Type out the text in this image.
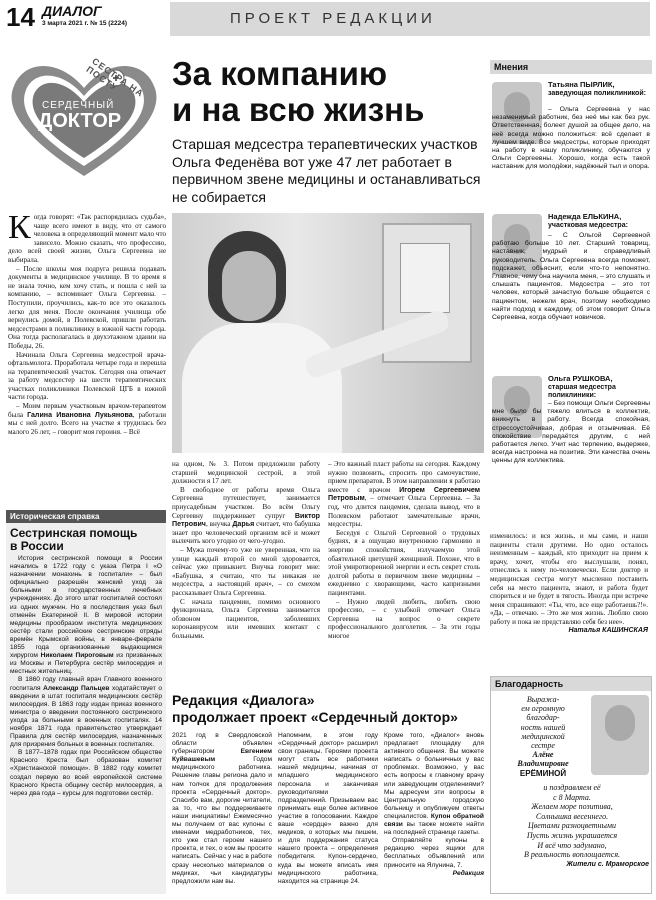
14 ДИАЛОГ
3 марта 2021 г. № 15 (2224)	ПРОЕКТ РЕДАКЦИИ
СЕСТРА НА ПОСТУ
СЕРДЕЧНЫЙ
ДОКТОР
За компанию
и на всю жизнь
Старшая медсестра терапевтических участков Ольга Феденёва вот уже 47 лет работает в первичном звене медицины и останавливаться не собирается
К огда говорят: «Так распорядилась судьба», чаще всего имеют в виду, что от самого человека в определяющий момент мало что зависело. Можно сказать, что профессию, дело всей своей жизни, Ольга Сергеевна не выбирала.

– После школы моя подруга решила подавать документы в медицинское училище. В то время я не знала точно, кем хочу стать, и пошла с ней за компанию, – вспоминает Ольга Сергеевна. – Поступили, проучились, как-то все это оказалось легко для меня. После окончания училища обе вернулись домой, в Полевской, пришли работать медсестрами в поликлинику в южной части города. Она тогда располагалась в двухэтажном здании на Победы, 26.

Начинала Ольга Сергеевна медсестрой врача-офтальмолога. Проработала четыре года и перешла на терапевтический участок. Сегодня она отвечает за работу медсестер на шести терапевтических участках поликлиники Полевской ЦГБ в южной части города.

– Моим первым участковым врачом-терапевтом была Галина Ивановна Лукьянова, работали мы с ней долго. Всего на участке я трудилась без малого 26 лет, – говорит моя героиня. – Всё

на одном, № 3. Потом предложили работу старшей медицинской сестрой, в этой должности я 17 лет.

В свободное от работы время Ольга Сергеевна путешествует, занимается приусадебным участком. Во всём Ольгу Сергеевну поддерживает супруг Виктор Петрович, внучка Дарья считает, что бабушка знает про человеческий организм всё и может вылечить кого угодно от чего-угодно.

– Мужа почему-то уже не уверенная, что на улице каждый второй со мной здоровается, сейчас уже привыкнет. Внучка говорит мне: «Бабушка, я считаю, что ты никакая не медсестра, а настоящий врач», – со смехом рассказывает Ольга Сергеевна.

С начала пандемии, помимо основного функционала, Ольга Сергеевна занимается обзвоном пациентов, заболевших коронавирусом или имевших контакт с больными.

– Это важный пласт работы на сегодня. Каждому нужно позвонить, спросить про самочувствие, прием препаратов. В этом направлении я работаю вместе с врачом Игорем Сергеевичем Петровым, – отмечает Ольга Сергеевна. – За год, что длится пандемия, сделала вывод, что в Полевском работают замечательные врачи, медсестры.

Беседуя с Ольгой Сергеевной о трудовых буднях, я а ощущаю внутреннюю гармонию и энергию спокойствия, излучаемую этой обаятельной цветущей женщиной. Похоже, что в этой умиротворенной энергии и есть секрет столь долгой работы в первичном звене медицины – ежедневно с хворающими, часто капризными пациентами.

– Нужно людей любить, любить свою профессию, – с улыбкой отвечает Ольга Сергеевна на вопрос о секрете профессионального долголетия. – За эти годы многое

изменилось: и вся жизнь, и мы сами, и наши пациенты стали другими. Но одно осталось неизменным – каждый, кто приходит на прием к врачу, хочет, чтобы его выслушали, понял, отнеслись к нему по-человечески. Если доктор и медицинская сестра могут мысленно поставить себя на место пациента, знают, и работа будет спориться и не будет в тягость. Иногда при встрече меня спрашивают: «Ты, что, все еще работаешь?!». «Да, – отвечаю. – Это же моя жизнь. Люблю свою работу и пока не представляю себя без нее».
Наталья КАШИНСКАЯ
Мнения
Татьяна ПЫРЛИК,
заведующая поликлиникой:
– Ольга Сергеевна у нас незаменимый работник, без неё мы как без рук. Ответственная, болеет душой за общее дело, на неё всегда можно положиться: всё сделает в лучшем виде. Все медсестры, которые приходят на работу в нашу поликлинику, обучаются у Ольги Сергеевны. Хорошо, когда есть такой наставник для молодёжи, надёжный тыл и опора.
Надежда ЕЛЬКИНА,
участковая медсестра:
– С Ольгой Сергеевной работаю больше 10 лет. Старший товарищ, наставник, мудрый и справедливый руководитель. Ольга Сергеевна всегда поможет, подскажет, объяснит, если что-то непонятно. Главное, чему она научила меня, – это слушать и слышать пациентов. Медсестра – это тот человек, который зачастую больше общается с пациентом, нежели врач, поэтому необходимо найти подход к каждому, об этом говорит Ольга Сергеевна, когда обучает новичков.
Ольга РУШКОВА,
старшая медсестра поликлиники:
– Без помощи Ольги Сергеевны мне было бы тяжело влиться в коллектив, вникнуть в работу. Всегда спокойная, стрессоустойчивая, добрая и отзывчивая. Её спокойствие передаётся другим, с ней работается легко. Учит нас терпению, выдержке, всегда настроена на позитив. Эти качества очень ценны для коллектива.
Историческая справка
Сестринская помощь
в России

История сестринской помощи в России начались в 1722 году с указа Петра I «О назначении монахинь в госпитали» – был официально разрешён женский уход за больными в государственных лечебных учреждениях. До этого штат госпиталей состоял из одних мужчин. Но в последствия указ был отменён Екатериной II. В мировой истории медицины прообразом института медицинских сестёр стали российские сестринские отряды времён Крымской войны, в январе-феврале 1855 года организованные выдающимся хирургом Николаем Пироговым из призванных из Москвы и Петербурга сестёр милосердия и местных жительниц.

В 1860 году главный врач Главного военного госпиталя Александр Пальцев ходатайствует о введении в штат госпиталя медицинских сестёр милосердия. В 1863 году издан приказ военного министра о введении постоянного сестринского ухода за больными в военных госпиталях. 14 ноября 1871 года правительство утверждает Правила для сестёр милосердия, назначенных для призрения больных в военных госпиталях.

В 1877–1878 годах при Российском обществе Красного Креста был образован комитет «Христианской помощи». В 1882 году комитет создал первую во всей европейской системе Красного Креста общину сестёр милосердия, а через два года – курсы для подготовки сестёр.

Редакция «Диалога»
продолжает проект «Сердечный доктор»
2021 год в Свердловской области объявлен губернатором Евгением Куйвашевым Годом медицинского работника. Решение главы региона дало и нам толчок для продолжения проекта «Сердечный доктор». Спасибо вам, дорогие читатели, за то, что вы поддерживаете наши инициативы! Ежемесячно мы получаем от вас купоны с именами медработников, тех, кто уже стал героем нашего проекта, и тех, о ком вы просите написать. Сейчас у нас в работе сразу несколько материалов о медиках, чьи кандидатуры предложили нам вы.
Напомним, в этом году «Сердечный доктор» расширил свои границы. Героями проекта могут стать все работники нашей медицины, начиная от младшего медицинского персонала и заканчивая руководителями подразделений. Призываем вас принимать еще более активное участие в голосовании. Каждое ваше «сердце» важно для медиков, о которых мы пишем, и для поддержания статуса нашего проекта – определения победителя. Купон-сердечко, куда вы можете вписать имя медицинского работника, находится на странице 24.
Кроме того, «Диалог» вновь предлагает площадку для активного общения. Вы можете написать о больничных у вас проблемах. Возможно, у вас есть вопросы к главному врачу или заведующим отделениями? Мы адресуем эти вопросы в Центральную городскую больницу и опубликуем ответы специалистов. Купон обратной связи вы также можете найти на последней странице газеты.

Отправляйте купоны в редакцию через ящики для бесплатных объявлений или приносите на Ялунина, 7.

Редакция
Благодарность
Выража-
ем огромную
благодар-
ность нашей
медицинской
сестре
Алёне
Владимировне
ЕРЁМИНОЙ
и поздравляем её
с 8 Марта.
Желаем море позитива,
Солнышка весеннего.
Цветами разноцветными
Пусть жизнь украшается
И всё что задумано,
В реальность воплощается.
Жители с. Мраморское
